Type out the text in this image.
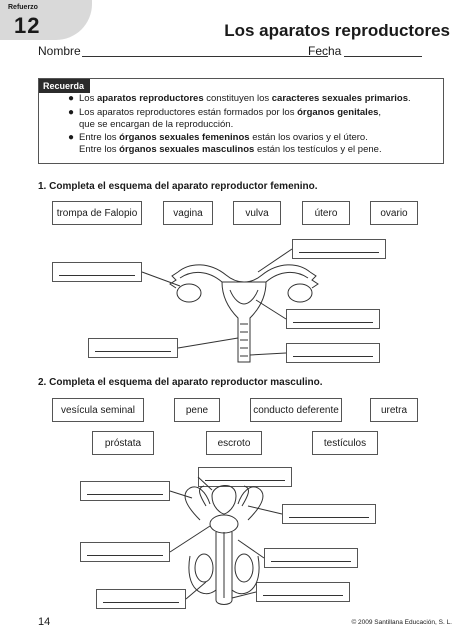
Refuerzo
12	Los aparatos reproductores
Nombre	Fecha
Recuerda
● Los aparatos reproductores constituyen los caracteres sexuales primarios.
● Los aparatos reproductores están formados por los órganos genitales,
que se encargan de la reproducción.
● Entre los órganos sexuales femeninos están los ovarios y el útero.
Entre los órganos sexuales masculinos están los testículos y el pene.
1. Completa el esquema del aparato reproductor femenino.
trompa de Falopio	vagina	vulva	útero	ovario
2. Completa el esquema del aparato reproductor masculino.
vesícula seminal	pene	conducto deferente	uretra
próstata	escroto	testículos
14	© 2009 Santillana Educación, S. L.
